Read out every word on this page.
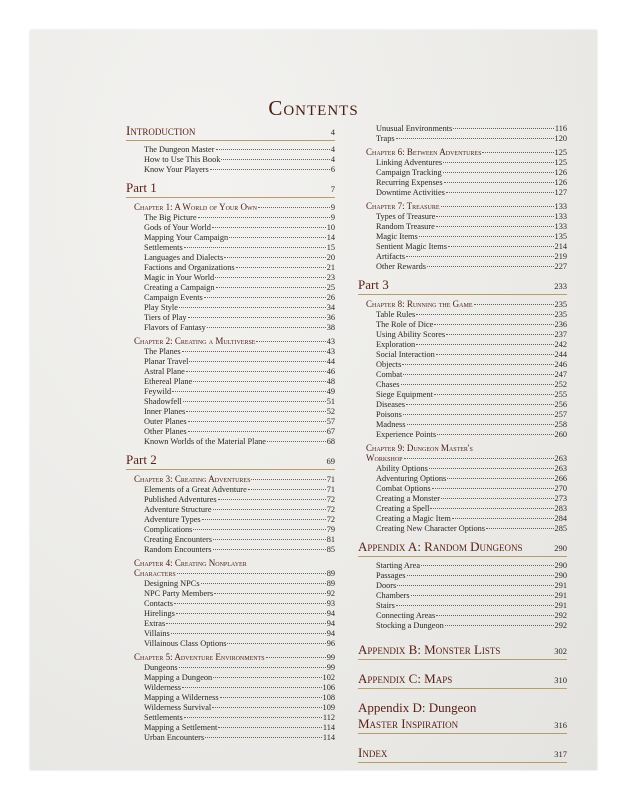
Contents
Introduction	4
The Dungeon Master	4
How to Use This Book	4
Know Your Players	6
Part 1	7
Chapter 1: A World of Your Own	9
The Big Picture	9
Gods of Your World	10
Mapping Your Campaign	14
Settlements	15
Languages and Dialects	20
Factions and Organizations	21
Magic in Your World	23
Creating a Campaign	25
Campaign Events	26
Play Style	34
Tiers of Play	36
Flavors of Fantasy	38
Chapter 2: Creating a Multiverse	43
The Planes	43
Planar Travel	44
Astral Plane	46
Ethereal Plane	48
Feywild	49
Shadowfell	51
Inner Planes	52
Outer Planes	57
Other Planes	67
Known Worlds of the Material Plane	68
Part 2	69
Chapter 3: Creating Adventures	71
Elements of a Great Adventure	71
Published Adventures	72
Adventure Structure	72
Adventure Types	72
Complications	79
Creating Encounters	81
Random Encounters	85
Chapter 4: Creating Nonplayer
Characters	89
Designing NPCs	89
NPC Party Members	92
Contacts	93
Hirelings	94
Extras	94
Villains	94
Villainous Class Options	96
Chapter 5: Adventure Environments	99
Dungeons	99
Mapping a Dungeon	102
Wilderness	106
Mapping a Wilderness	108
Wilderness Survival	109
Settlements	112
Mapping a Settlement	114
Urban Encounters	114
Unusual Environments	116
Traps	120
Chapter 6: Between Adventures	125
Linking Adventures	125
Campaign Tracking	126
Recurring Expenses	126
Downtime Activities	127
Chapter 7: Treasure	133
Types of Treasure	133
Random Treasure	133
Magic Items	135
Sentient Magic Items	214
Artifacts	219
Other Rewards	227
Part 3	233
Chapter 8: Running the Game	235
Table Rules	235
The Role of Dice	236
Using Ability Scores	237
Exploration	242
Social Interaction	244
Objects	246
Combat	247
Chases	252
Siege Equipment	255
Diseases	256
Poisons	257
Madness	258
Experience Points	260
Chapter 9: Dungeon Master's
Workshop	263
Ability Options	263
Adventuring Options	266
Combat Options	270
Creating a Monster	273
Creating a Spell	283
Creating a Magic Item	284
Creating New Character Options	285
Appendix A: Random Dungeons	290
Starting Area	290
Passages	290
Doors	291
Chambers	291
Stairs	291
Connecting Areas	292
Stocking a Dungeon	292
Appendix B: Monster Lists	302
Appendix C: Maps	310
Appendix D: Dungeon
Master Inspiration	316
Index	317
